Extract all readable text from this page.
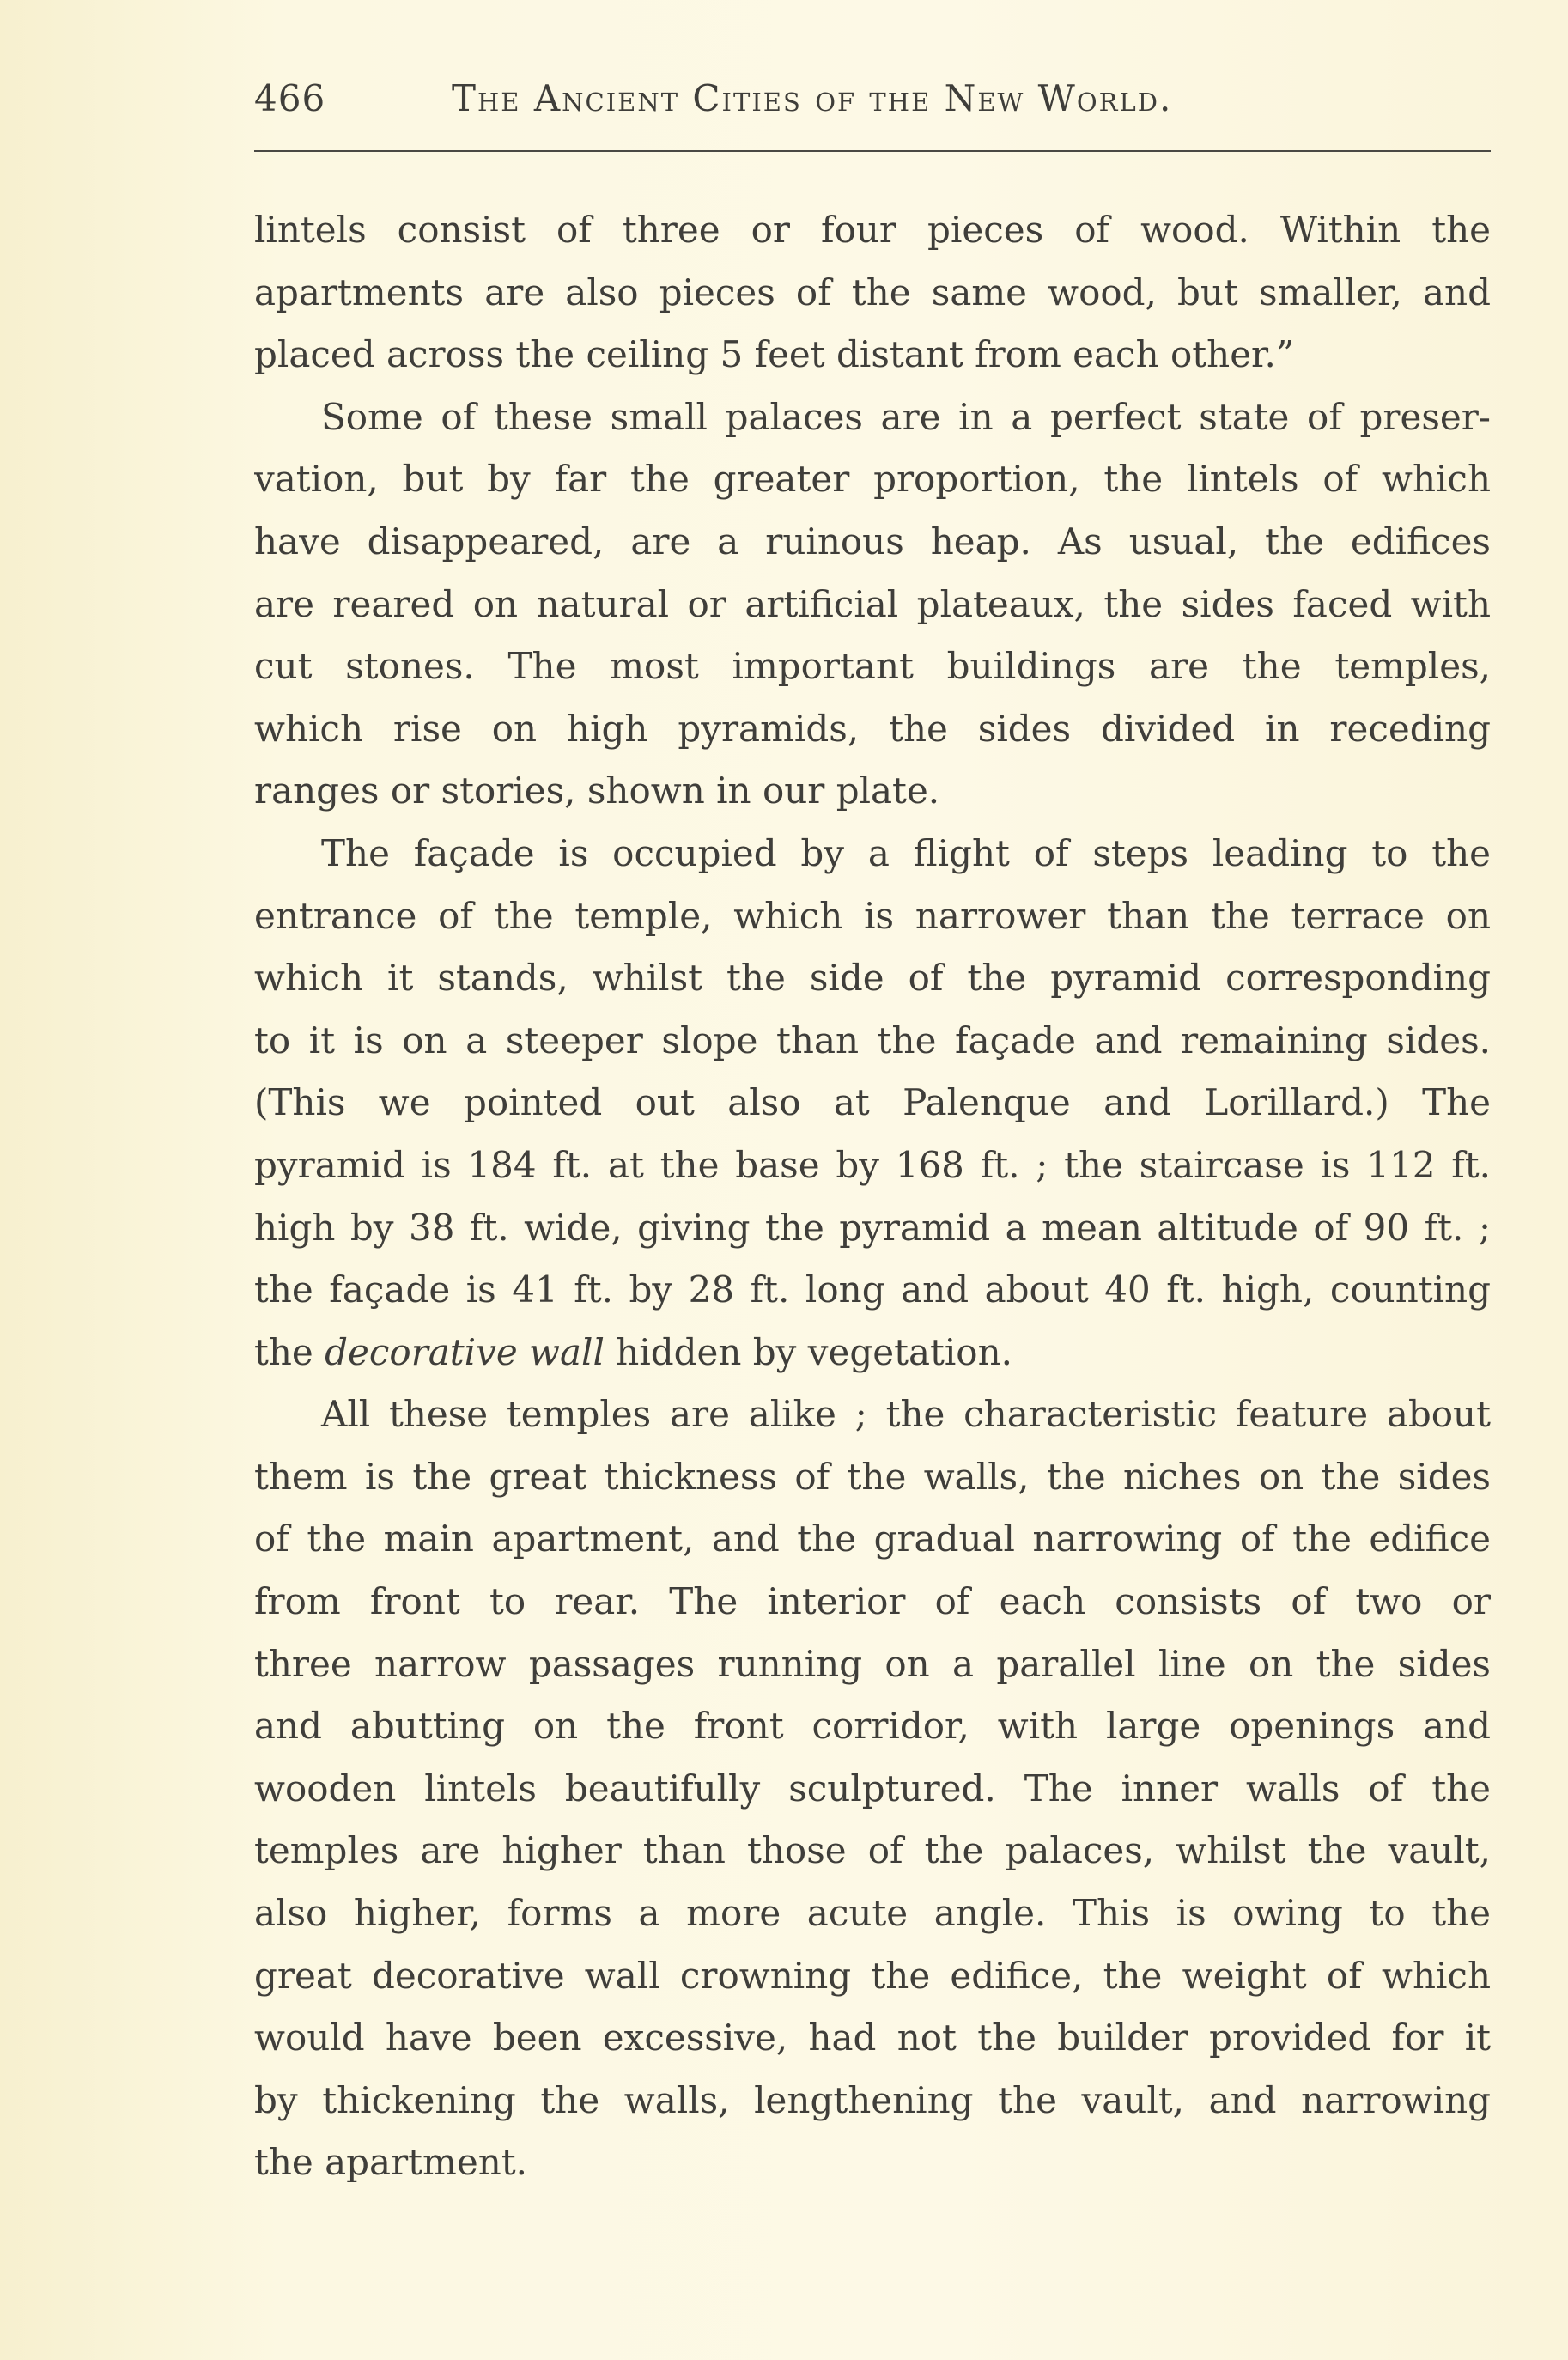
466	The Ancient Cities of the New World.
lintels consist of three or four pieces of wood. Within the
apartments are also pieces of the same wood, but smaller, and
placed across the ceiling 5 feet distant from each other.”
Some of these small palaces are in a perfect state of preser-
vation, but by far the greater proportion, the lintels of which
have disappeared, are a ruinous heap. As usual, the edifices
are reared on natural or artificial plateaux, the sides faced with
cut stones. The most important buildings are the temples,
which rise on high pyramids, the sides divided in receding
ranges or stories, shown in our plate.
The façade is occupied by a flight of steps leading to the
entrance of the temple, which is narrower than the terrace on
which it stands, whilst the side of the pyramid corresponding
to it is on a steeper slope than the façade and remaining sides.
(This we pointed out also at Palenque and Lorillard.) The
pyramid is 184 ft. at the base by 168 ft. ; the staircase is 112 ft.
high by 38 ft. wide, giving the pyramid a mean altitude of 90 ft. ;
the façade is 41 ft. by 28 ft. long and about 40 ft. high, counting
the decorative wall hidden by vegetation.
All these temples are alike ; the characteristic feature about
them is the great thickness of the walls, the niches on the sides
of the main apartment, and the gradual narrowing of the edifice
from front to rear. The interior of each consists of two or
three narrow passages running on a parallel line on the sides
and abutting on the front corridor, with large openings and
wooden lintels beautifully sculptured. The inner walls of the
temples are higher than those of the palaces, whilst the vault,
also higher, forms a more acute angle. This is owing to the
great decorative wall crowning the edifice, the weight of which
would have been excessive, had not the builder provided for it
by thickening the walls, lengthening the vault, and narrowing
the apartment.
